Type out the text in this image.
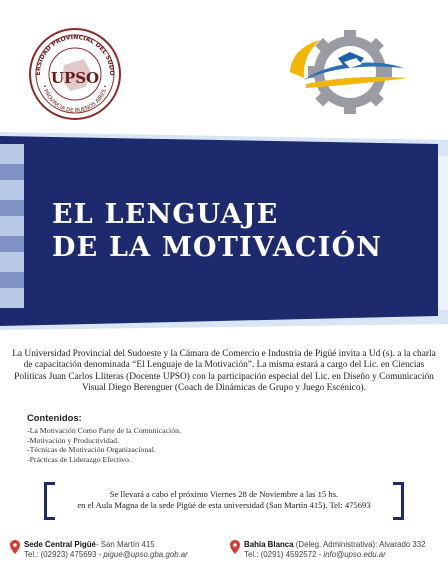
ERSIDAD PROVINCIAL DEL SUDO
• PROVINCIA DE BUENOS AIRES •
UPSO
EL LENGUAJE
DE LA MOTIVACIÓN

La Universidad Provincial del Sudoeste y la Cámara de Comercio e Industria de Pigüé invita a Ud (s). a la charla de capacitación denominada “El Lenguaje de la Motivación”. La misma estará a cargo del Lic. en Ciencias Políticas Juan Carlos Lliteras (Docente UPSO) con la participación especial del Lic. en Diseño y Comunicación Visual Diego Berenguer (Coach de Dinámicas de Grupo y Juego Escénico).

Contenidos:

-La Motivación Como Parte de la Comunicación.
-Motivación y Productividad.
-Técnicas de Motivación Organizacional.
-Prácticas de Liderazgo Efectivo.

Se llevará a cabo el próximo Viernes 28 de Noviembre a las 15 hs.
en el Aula Magna de la sede Pigüé de esta universidad (San Martín 415). Tel: 475693

Sede Central Pigüé- San Martín 415
Tel.: (02923) 475693 - pigue@upso.gba.gob.ar
Bahía Blanca (Deleg. Administrativa): Alvarado 332
Tel.: (0291) 4592572 - info@upso.edu.ar
